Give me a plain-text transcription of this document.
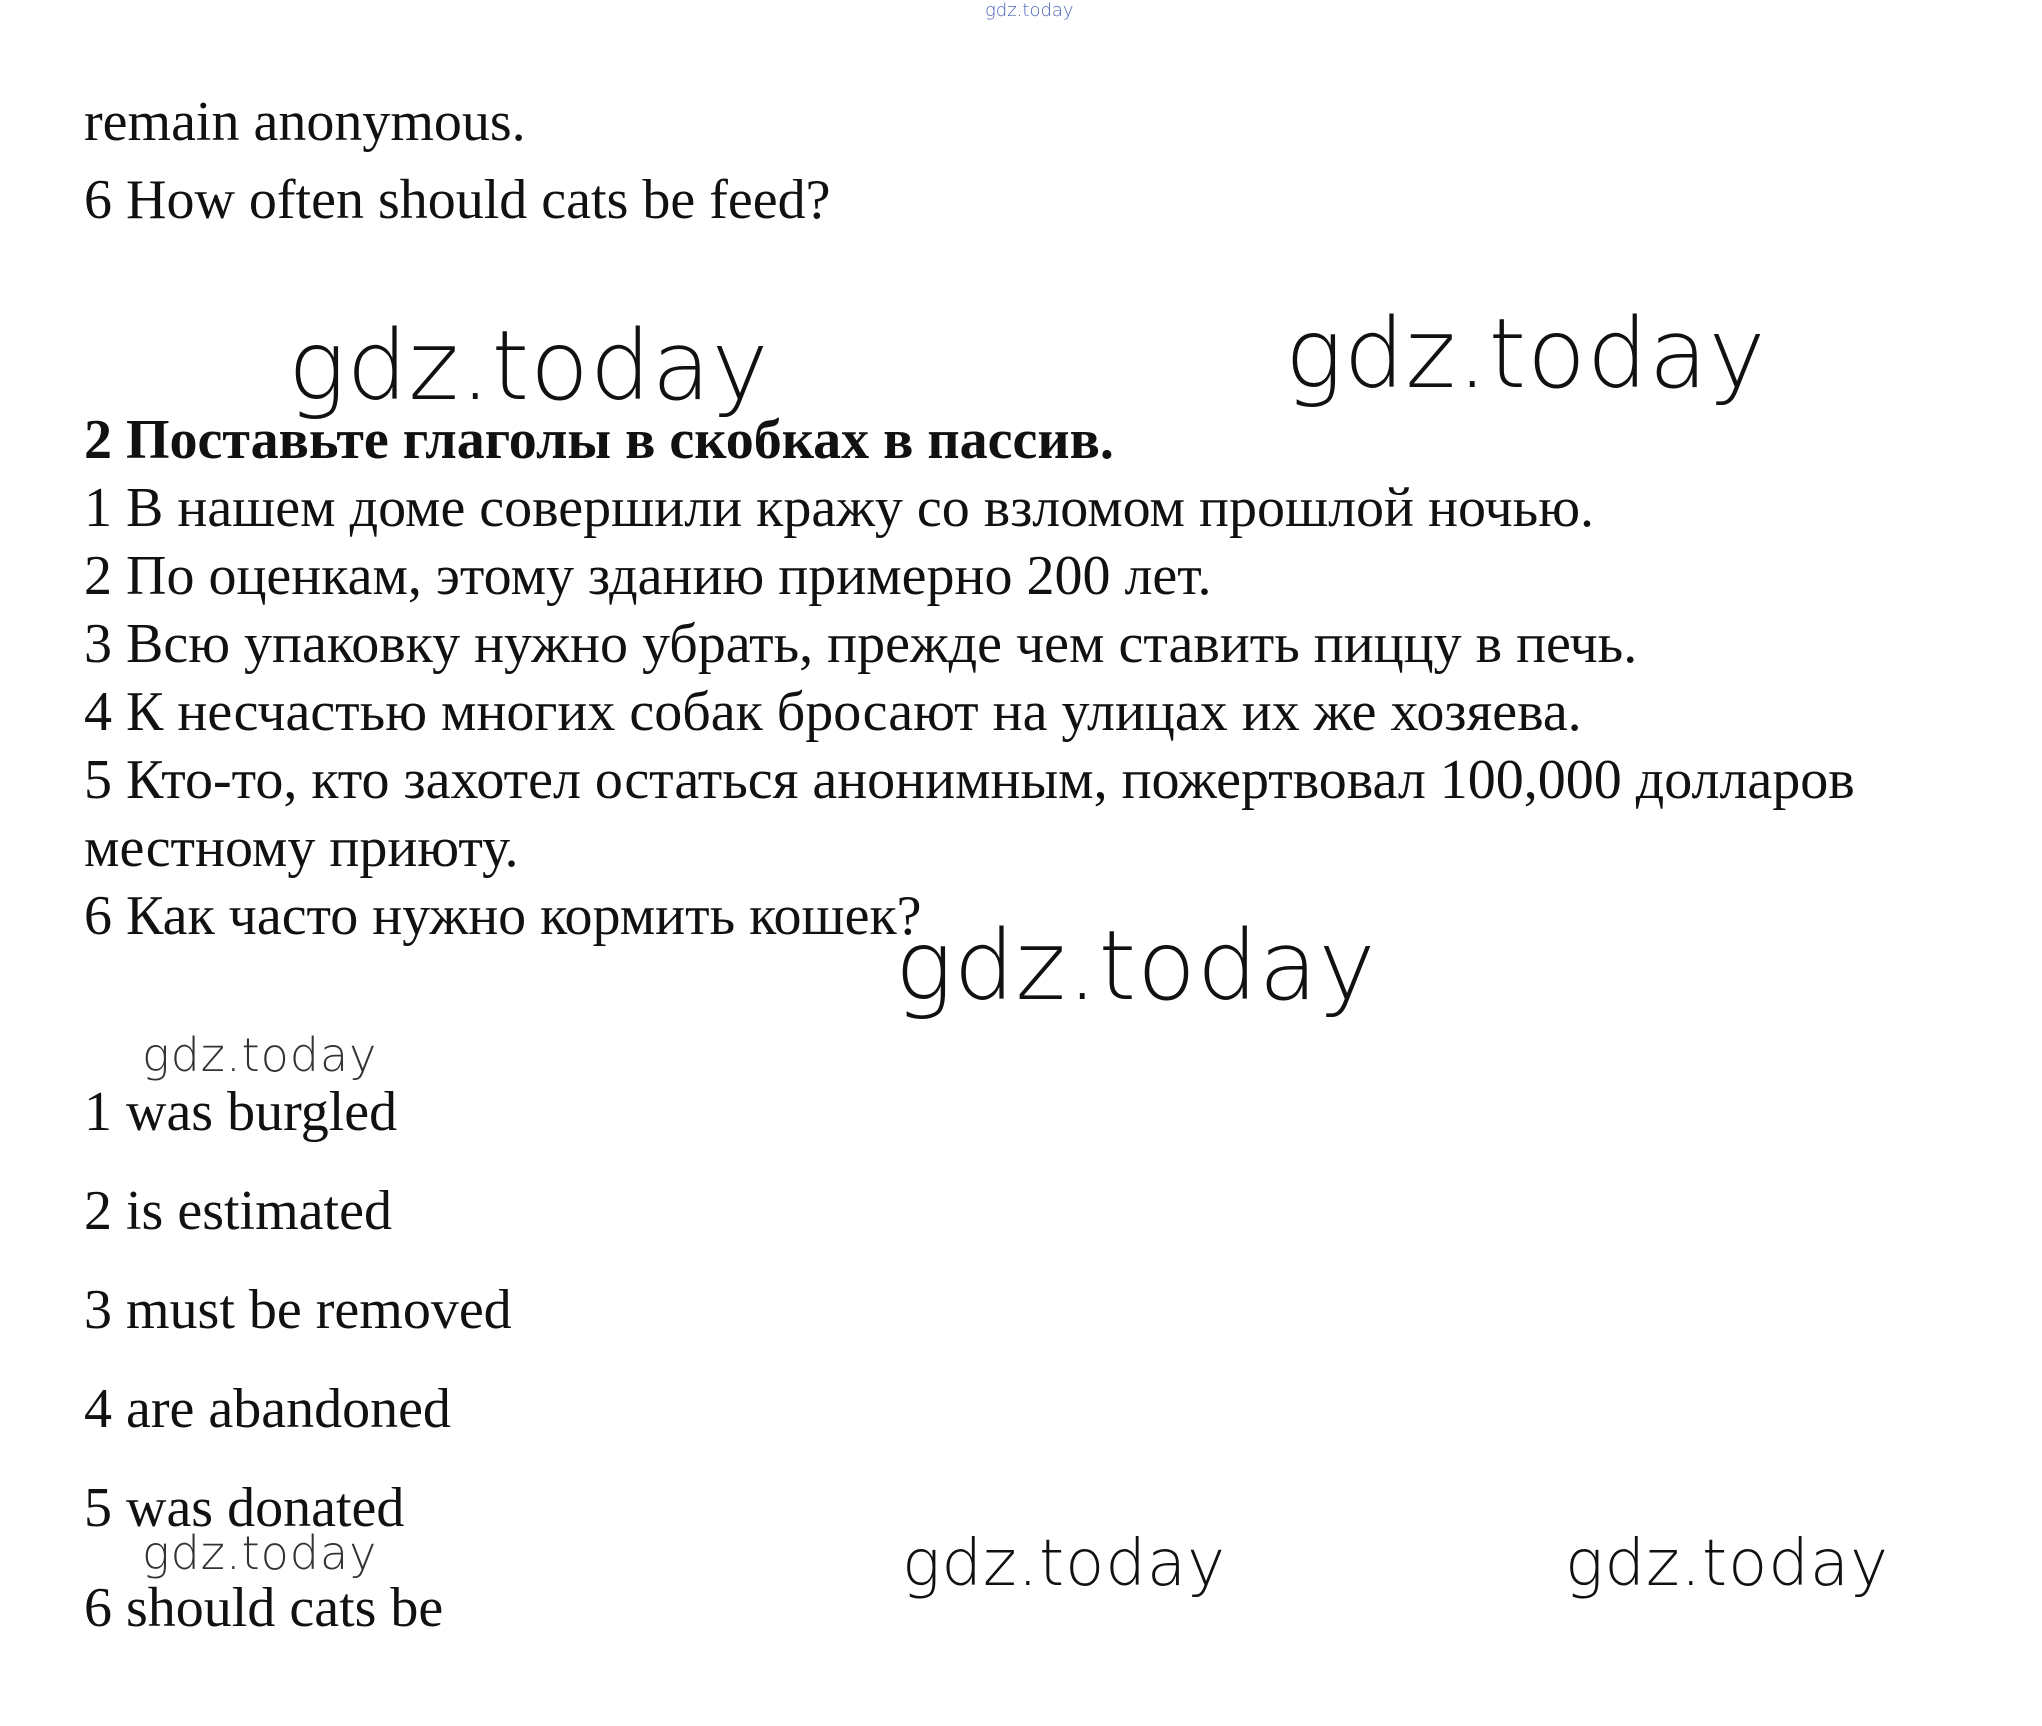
gdz.today
gdz.today	gdz.today
gdz.today
gdz.today
gdz.today	gdz.today	gdz.today
remain anonymous.
6 How often should cats be feed?
2 Поставьте глаголы в скобках в пассив.
1 В нашем доме совершили кражу со взломом прошлой ночью.
2 По оценкам, этому зданию примерно 200 лет.
3 Всю упаковку нужно убрать, прежде чем ставить пиццу в печь.
4 К несчастью многих собак бросают на улицах их же хозяева.
5 Кто-то, кто захотел остаться анонимным, пожертвовал 100,000 долларов
местному приюту.
6 Как часто нужно кормить кошек?
1 was burgled
2 is estimated
3 must be removed
4 are abandoned
5 was donated
6 should cats be
